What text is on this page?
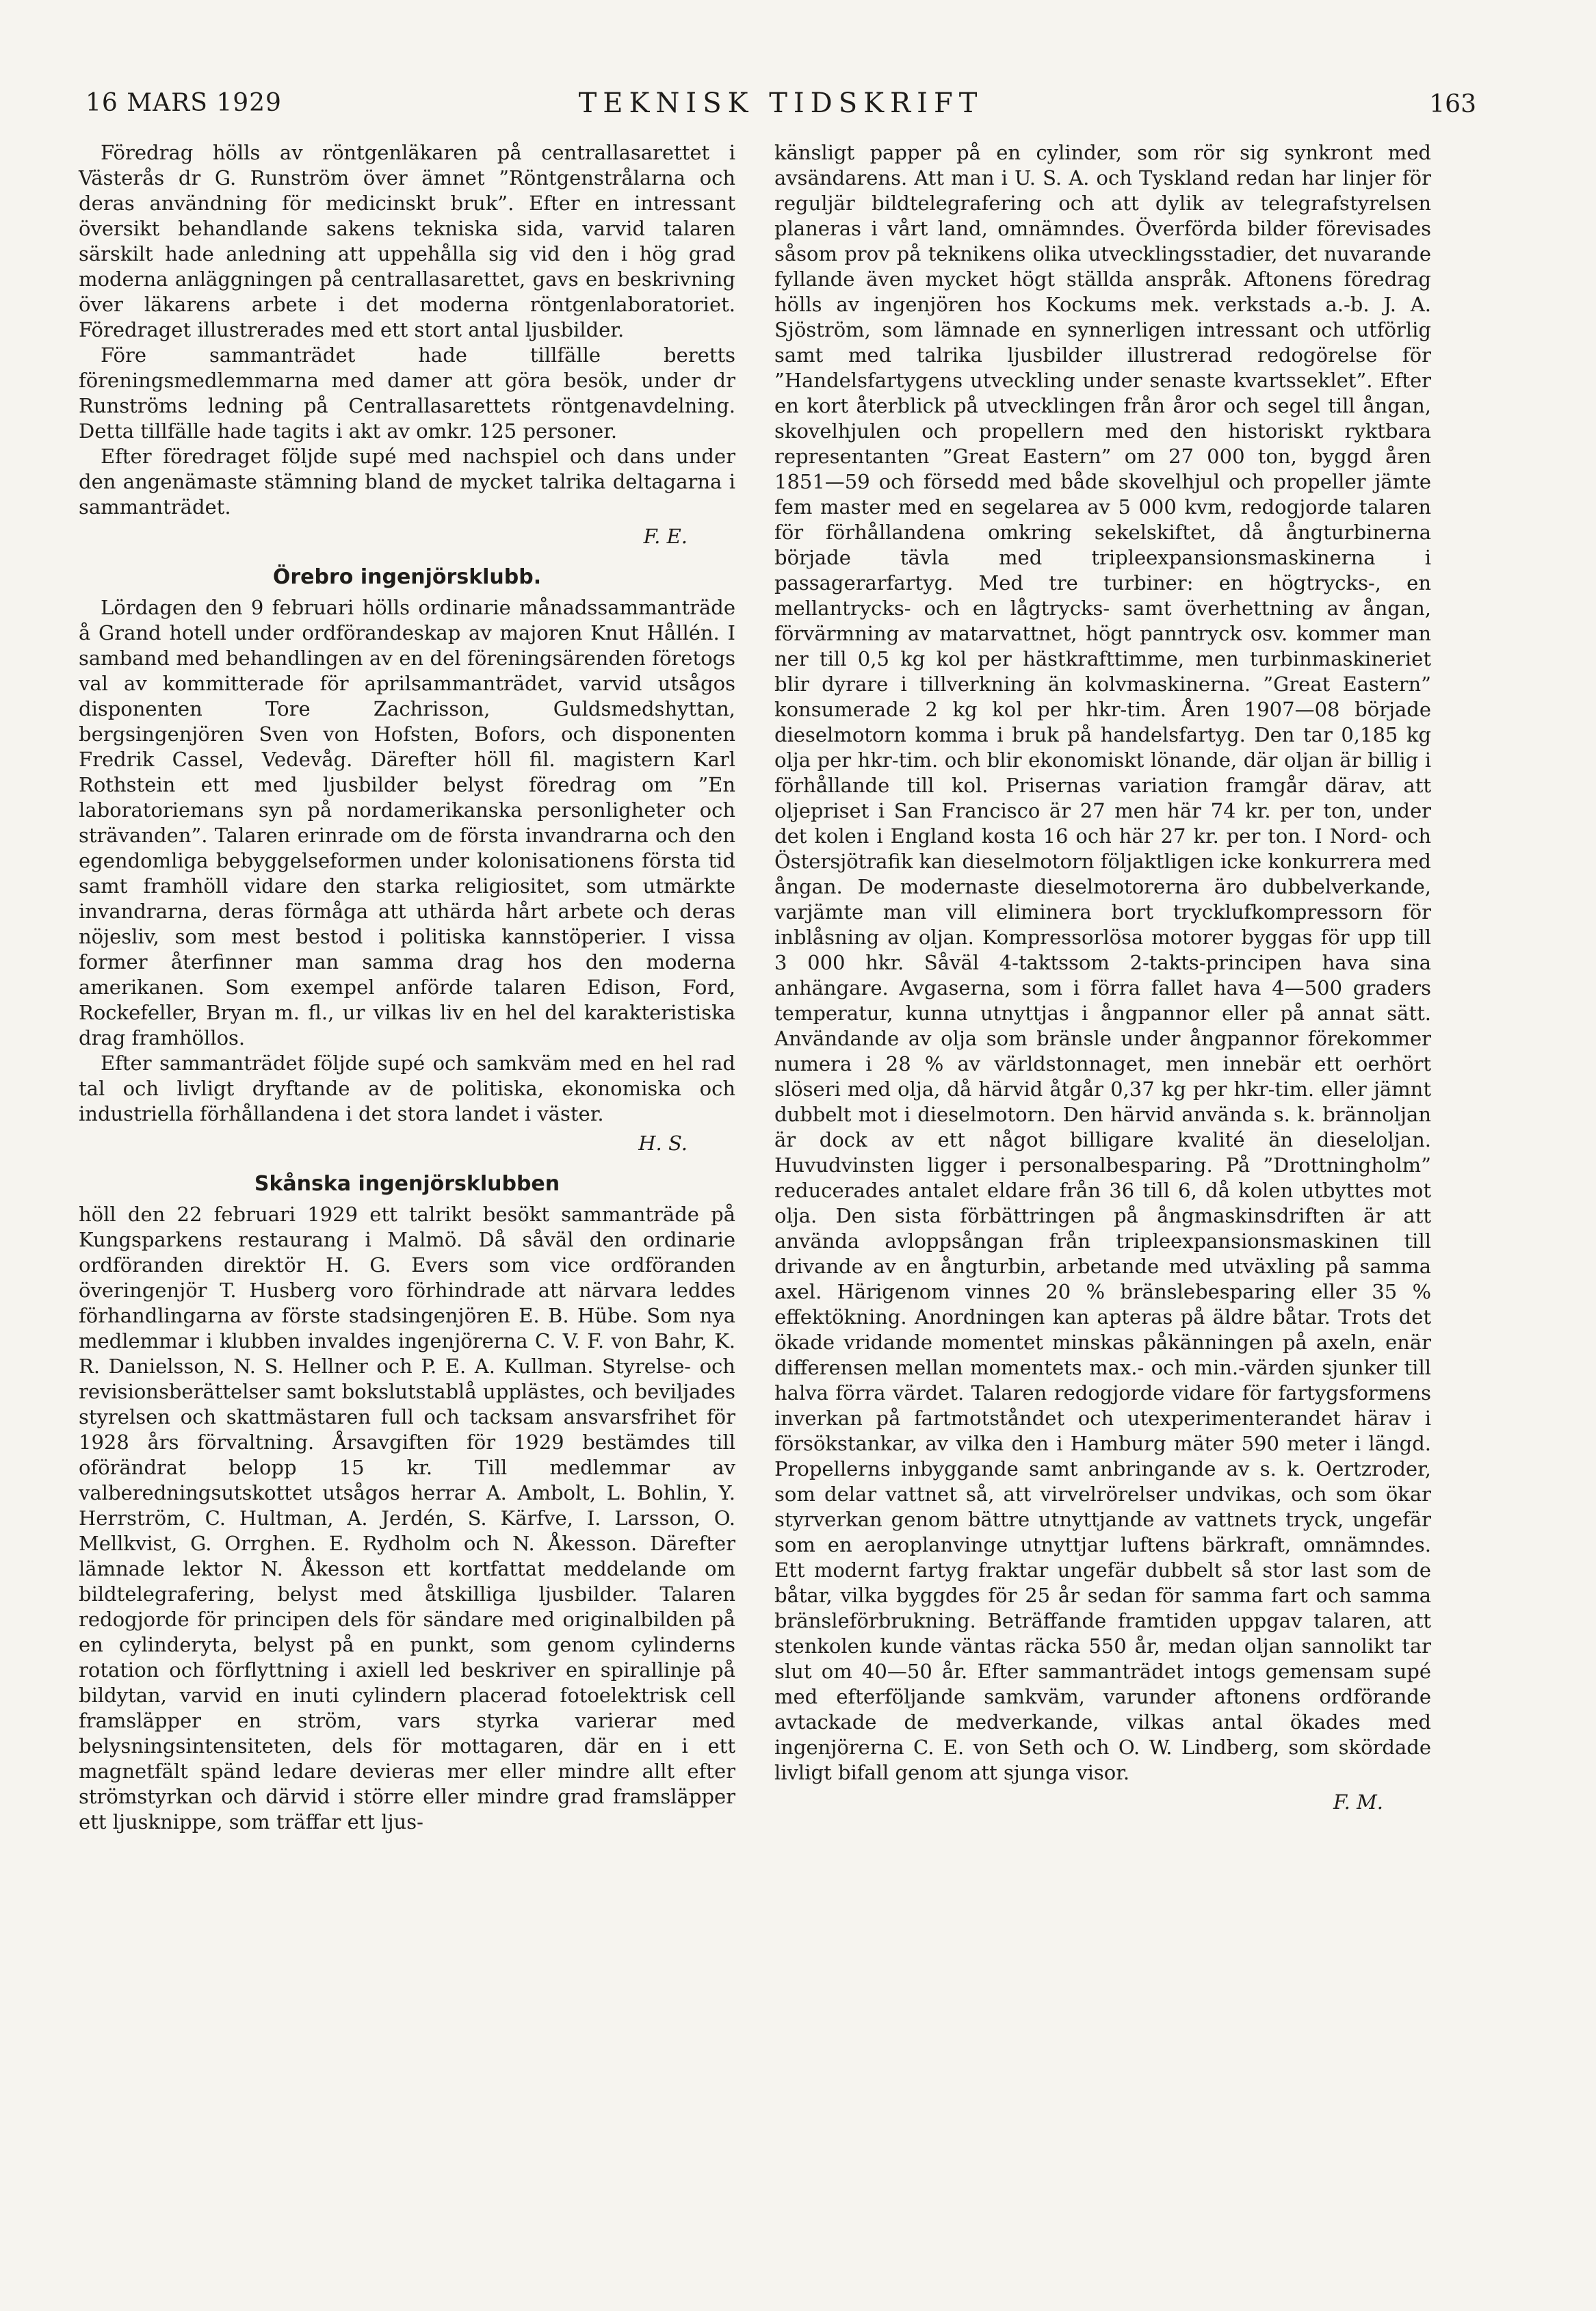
16 MARS 1929	TEKNISK TIDSKRIFT	163

Föredrag hölls av röntgenläkaren på centrallasarettet i Västerås dr G. Runström över ämnet ”Röntgenstrålarna och deras användning för medicinskt bruk”. Efter en intressant översikt behandlande sakens tekniska sida, varvid talaren särskilt hade anledning att uppehålla sig vid den i hög grad moderna anläggningen på centrallasarettet, gavs en beskrivning över läkarens arbete i det moderna röntgenlaboratoriet. Föredraget illustrerades med ett stort antal ljusbilder.

Före sammanträdet hade tillfälle beretts föreningsmedlemmarna med damer att göra besök, under dr Runströms ledning på Centrallasarettets röntgenavdelning. Detta tillfälle hade tagits i akt av omkr. 125 personer.

Efter föredraget följde supé med nachspiel och dans under den angenämaste stämning bland de mycket talrika deltagarna i sammanträdet.

F. E.
Örebro ingenjörsklubb.

Lördagen den 9 februari hölls ordinarie månadssammanträde å Grand hotell under ordförandeskap av majoren Knut Hållén. I samband med behandlingen av en del föreningsärenden företogs val av kommitterade för aprilsammanträdet, varvid utsågos disponenten Tore Zachrisson, Guldsmedshyttan, bergsingenjören Sven von Hofsten, Bofors, och disponenten Fredrik Cassel, Vedevåg. Därefter höll fil. magistern Karl Rothstein ett med ljusbilder belyst föredrag om ”En laboratoriemans syn på nordamerikanska personligheter och strävanden”. Talaren erinrade om de första invandrarna och den egendomliga bebyggelseformen under kolonisationens första tid samt framhöll vidare den starka religiositet, som utmärkte invandrarna, deras förmåga att uthärda hårt arbete och deras nöjesliv, som mest bestod i politiska kannstöperier. I vissa former återfinner man samma drag hos den moderna amerikanen. Som exempel anförde talaren Edison, Ford, Rockefeller, Bryan m. fl., ur vilkas liv en hel del karakteristiska drag framhöllos.

Efter sammanträdet följde supé och samkväm med en hel rad tal och livligt dryftande av de politiska, ekonomiska och industriella förhållandena i det stora landet i väster.

H. S.
Skånska ingenjörsklubben

höll den 22 februari 1929 ett talrikt besökt sammanträde på Kungsparkens restaurang i Malmö. Då såväl den ordinarie ordföranden direktör H. G. Evers som vice ordföranden överingenjör T. Husberg voro förhindrade att närvara leddes förhandlingarna av förste stadsingenjören E. B. Hübe. Som nya medlemmar i klubben invaldes ingenjörerna C. V. F. von Bahr, K. R. Danielsson, N. S. Hellner och P. E. A. Kullman. Styrelse- och revisionsberättelser samt bokslutstablå upplästes, och beviljades styrelsen och skattmästaren full och tacksam ansvarsfrihet för 1928 års förvaltning. Årsavgiften för 1929 bestämdes till oförändrat belopp 15 kr. Till medlemmar av valberedningsutskottet utsågos herrar A. Ambolt, L. Bohlin, Y. Herrström, C. Hultman, A. Jerdén, S. Kärfve, I. Larsson, O. Mellkvist, G. Orrghen. E. Rydholm och N. Åkesson. Därefter lämnade lektor N. Åkesson ett kortfattat meddelande om bildtelegrafering, belyst med åtskilliga ljusbilder. Talaren redogjorde för principen dels för sändare med originalbilden på en cylinderyta, belyst på en punkt, som genom cylinderns rotation och förflyttning i axiell led beskriver en spirallinje på bildytan, varvid en inuti cylindern placerad fotoelektrisk cell framsläpper en ström, vars styrka varierar med belysningsintensiteten, dels för mottagaren, där en i ett magnetfält spänd ledare devieras mer eller mindre allt efter strömstyrkan och därvid i större eller mindre grad framsläpper ett ljusknippe, som träffar ett ljus-

känsligt papper på en cylinder, som rör sig synkront med avsändarens. Att man i U. S. A. och Tyskland redan har linjer för reguljär bildtelegrafering och att dylik av telegrafstyrelsen planeras i vårt land, omnämndes. Överförda bilder förevisades såsom prov på teknikens olika utvecklingsstadier, det nuvarande fyllande även mycket högt ställda anspråk. Aftonens föredrag hölls av ingenjören hos Kockums mek. verkstads a.-b. J. A. Sjöström, som lämnade en synnerligen intressant och utförlig samt med talrika ljusbilder illustrerad redogörelse för ”Handelsfartygens utveckling under senaste kvartsseklet”. Efter en kort återblick på utvecklingen från åror och segel till ångan, skovelhjulen och propellern med den historiskt ryktbara representanten ”Great Eastern” om 27 000 ton, byggd åren 1851—59 och försedd med både skovelhjul och propeller jämte fem master med en segelarea av 5 000 kvm, redogjorde talaren för förhållandena omkring sekelskiftet, då ångturbinerna började tävla med tripleexpansionsmaskinerna i passagerarfartyg. Med tre turbiner: en högtrycks-, en mellantrycks- och en lågtrycks- samt överhettning av ångan, förvärmning av matarvattnet, högt panntryck osv. kommer man ner till 0,5 kg kol per hästkrafttimme, men turbinmaskineriet blir dyrare i tillverkning än kolvmaskinerna. ”Great Eastern” konsumerade 2 kg kol per hkr-tim. Åren 1907—08 började dieselmotorn komma i bruk på handelsfartyg. Den tar 0,185 kg olja per hkr-tim. och blir ekonomiskt lönande, där oljan är billig i förhållande till kol. Prisernas variation framgår därav, att oljepriset i San Francisco är 27 men här 74 kr. per ton, under det kolen i England kosta 16 och här 27 kr. per ton. I Nord- och Östersjötrafik kan dieselmotorn följaktligen icke konkurrera med ångan. De modernaste dieselmotorerna äro dubbelverkande, varjämte man vill eliminera bort trycklufkompressorn för inblåsning av oljan. Kompressorlösa motorer byggas för upp till 3 000 hkr. Såväl 4-taktssom 2-takts-principen hava sina anhängare. Avgaserna, som i förra fallet hava 4—500 graders temperatur, kunna utnyttjas i ångpannor eller på annat sätt. Användande av olja som bränsle under ångpannor förekommer numera i 28 % av världstonnaget, men innebär ett oerhört slöseri med olja, då härvid åtgår 0,37 kg per hkr-tim. eller jämnt dubbelt mot i dieselmotorn. Den härvid använda s. k. brännoljan är dock av ett något billigare kvalité än dieseloljan. Huvudvinsten ligger i personalbesparing. På ”Drottningholm” reducerades antalet eldare från 36 till 6, då kolen utbyttes mot olja. Den sista förbättringen på ångmaskinsdriften är att använda avloppsångan från tripleexpansionsmaskinen till drivande av en ångturbin, arbetande med utväxling på samma axel. Härigenom vinnes 20 % bränslebesparing eller 35 % effektökning. Anordningen kan apteras på äldre båtar. Trots det ökade vridande momentet minskas påkänningen på axeln, enär differensen mellan momentets max.- och min.-värden sjunker till halva förra värdet. Talaren redogjorde vidare för fartygsformens inverkan på fartmotståndet och utexperimenterandet härav i försökstankar, av vilka den i Hamburg mäter 590 meter i längd. Propellerns inbyggande samt anbringande av s. k. Oertzroder, som delar vattnet så, att virvelrörelser undvikas, och som ökar styrverkan genom bättre utnyttjande av vattnets tryck, ungefär som en aeroplanvinge utnyttjar luftens bärkraft, omnämndes. Ett modernt fartyg fraktar ungefär dubbelt så stor last som de båtar, vilka byggdes för 25 år sedan för samma fart och samma bränsleförbrukning. Beträffande framtiden uppgav talaren, att stenkolen kunde väntas räcka 550 år, medan oljan sannolikt tar slut om 40—50 år. Efter sammanträdet intogs gemensam supé med efterföljande samkväm, varunder aftonens ordförande avtackade de medverkande, vilkas antal ökades med ingenjörerna C. E. von Seth och O. W. Lindberg, som skördade livligt bifall genom att sjunga visor.

F. M.
